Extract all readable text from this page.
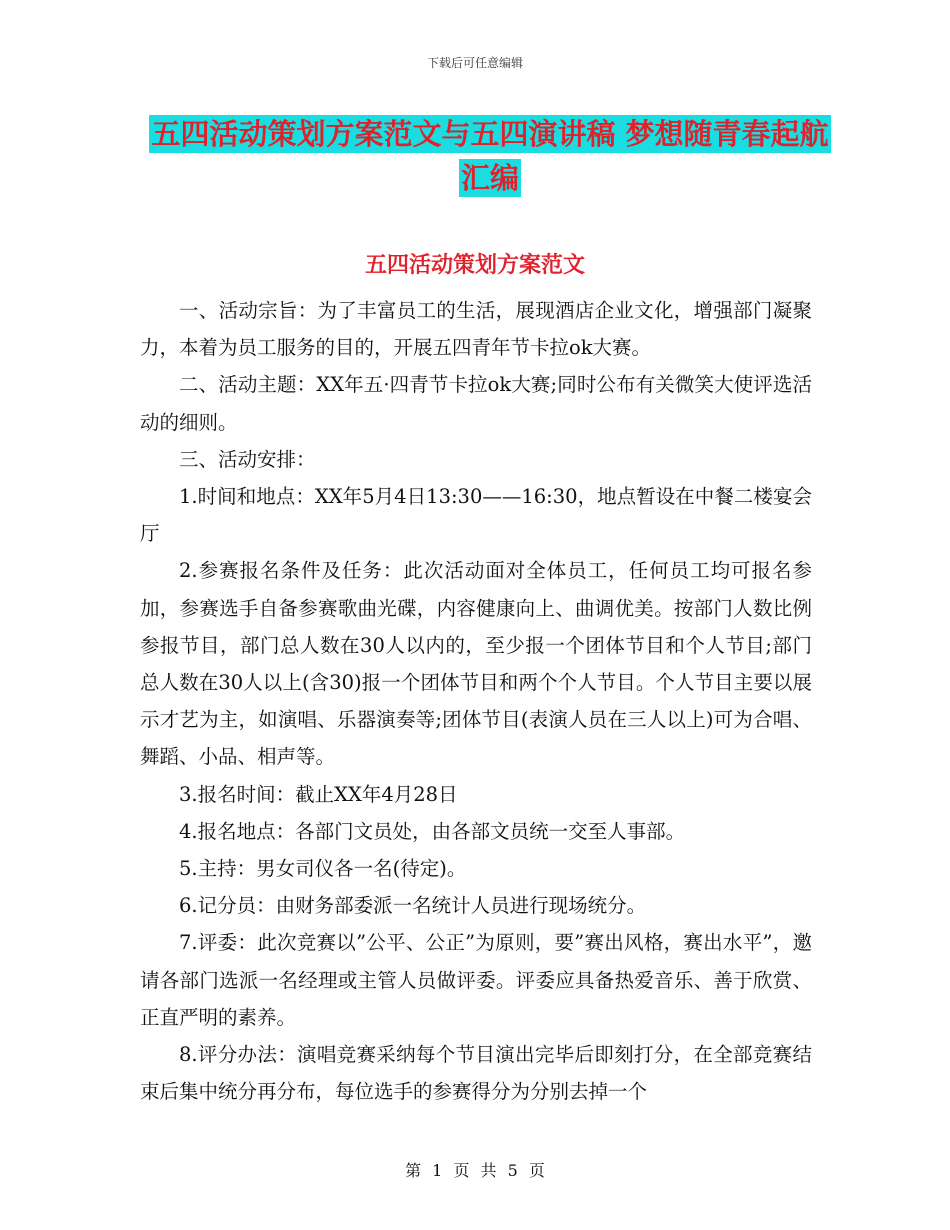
下载后可任意编辑
五四活动策划方案范文与五四演讲稿 梦想随青春起航汇编
五四活动策划方案范文

一、活动宗旨：为了丰富员工的生活，展现酒店企业文化，增强部门凝聚力，本着为员工服务的目的，开展五四青年节卡拉ok大赛。

二、活动主题：XX年五·四青节卡拉ok大赛;同时公布有关微笑大使评选活动的细则。

三、活动安排：

1.时间和地点：XX年5月4日13:30——16:30，地点暂设在中餐二楼宴会厅

2.参赛报名条件及任务：此次活动面对全体员工，任何员工均可报名参加，参赛选手自备参赛歌曲光碟，内容健康向上、曲调优美。按部门人数比例参报节目，部门总人数在30人以内的，至少报一个团体节目和个人节目;部门总人数在30人以上(含30)报一个团体节目和两个个人节目。个人节目主要以展示才艺为主，如演唱、乐器演奏等;团体节目(表演人员在三人以上)可为合唱、舞蹈、小品、相声等。

3.报名时间：截止XX年4月28日

4.报名地点：各部门文员处，由各部文员统一交至人事部。

5.主持：男女司仪各一名(待定)。

6.记分员：由财务部委派一名统计人员进行现场统分。

7.评委：此次竞赛以”公平、公正”为原则，要”赛出风格，赛出水平”，邀请各部门选派一名经理或主管人员做评委。评委应具备热爱音乐、善于欣赏、正直严明的素养。

8.评分办法：演唱竞赛采纳每个节目演出完毕后即刻打分，在全部竞赛结束后集中统分再分布，每位选手的参赛得分为分别去掉一个

第 1 页 共 5 页
